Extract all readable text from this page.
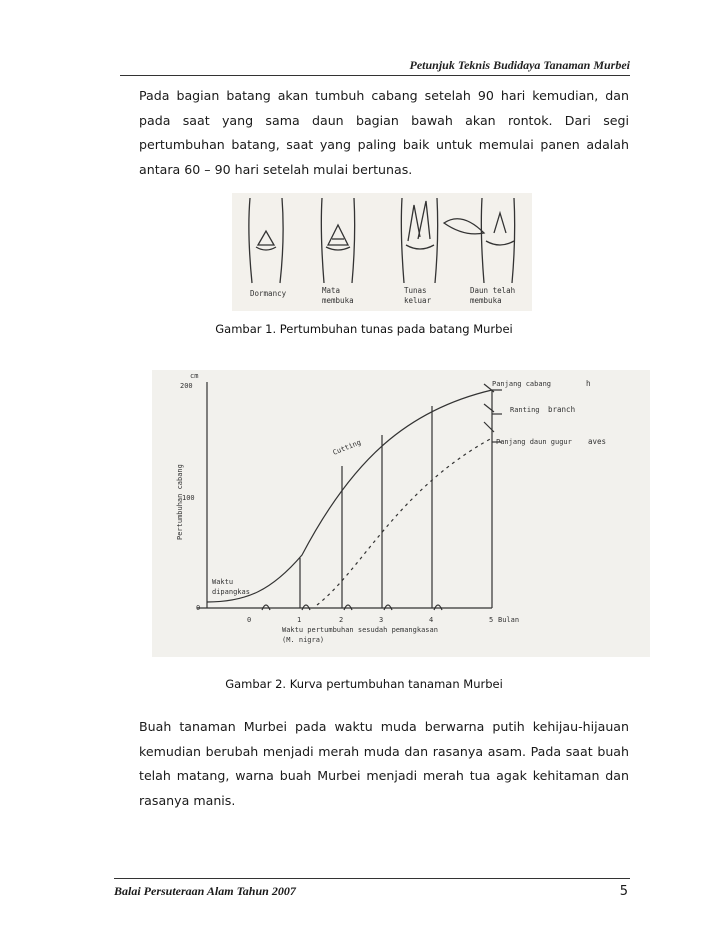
Petunjuk Teknis Budidaya Tanaman Murbei

Pada bagian batang akan tumbuh cabang setelah 90 hari kemudian, dan pada saat yang sama daun bagian bawah akan rontok. Dari segi pertumbuhan batang, saat yang paling baik untuk memulai panen adalah antara 60 – 90 hari setelah mulai bertunas.

Dormancy	Mata
membuka
Tunas
keluar
Daun telah
membuka
Gambar 1. Pertumbuhan tunas pada batang Murbei
cm
200
100
0
Pertumbuhan cabang
0	1	2	3	4	5 Bulan
Waktu pertumbuhan sesudah pemangkasan
(M. nigra)
Waktu
dipangkas
Cutting
Panjang cabang	h
Ranting branch
Panjang daun gugur aves
Gambar 2. Kurva pertumbuhan tanaman Murbei

Buah tanaman Murbei pada waktu muda berwarna putih kehijau-hijauan kemudian berubah menjadi merah muda dan rasanya asam. Pada saat buah telah matang, warna buah Murbei menjadi merah tua agak kehitaman dan rasanya manis.

Balai Persuteraan Alam Tahun 2007	5
